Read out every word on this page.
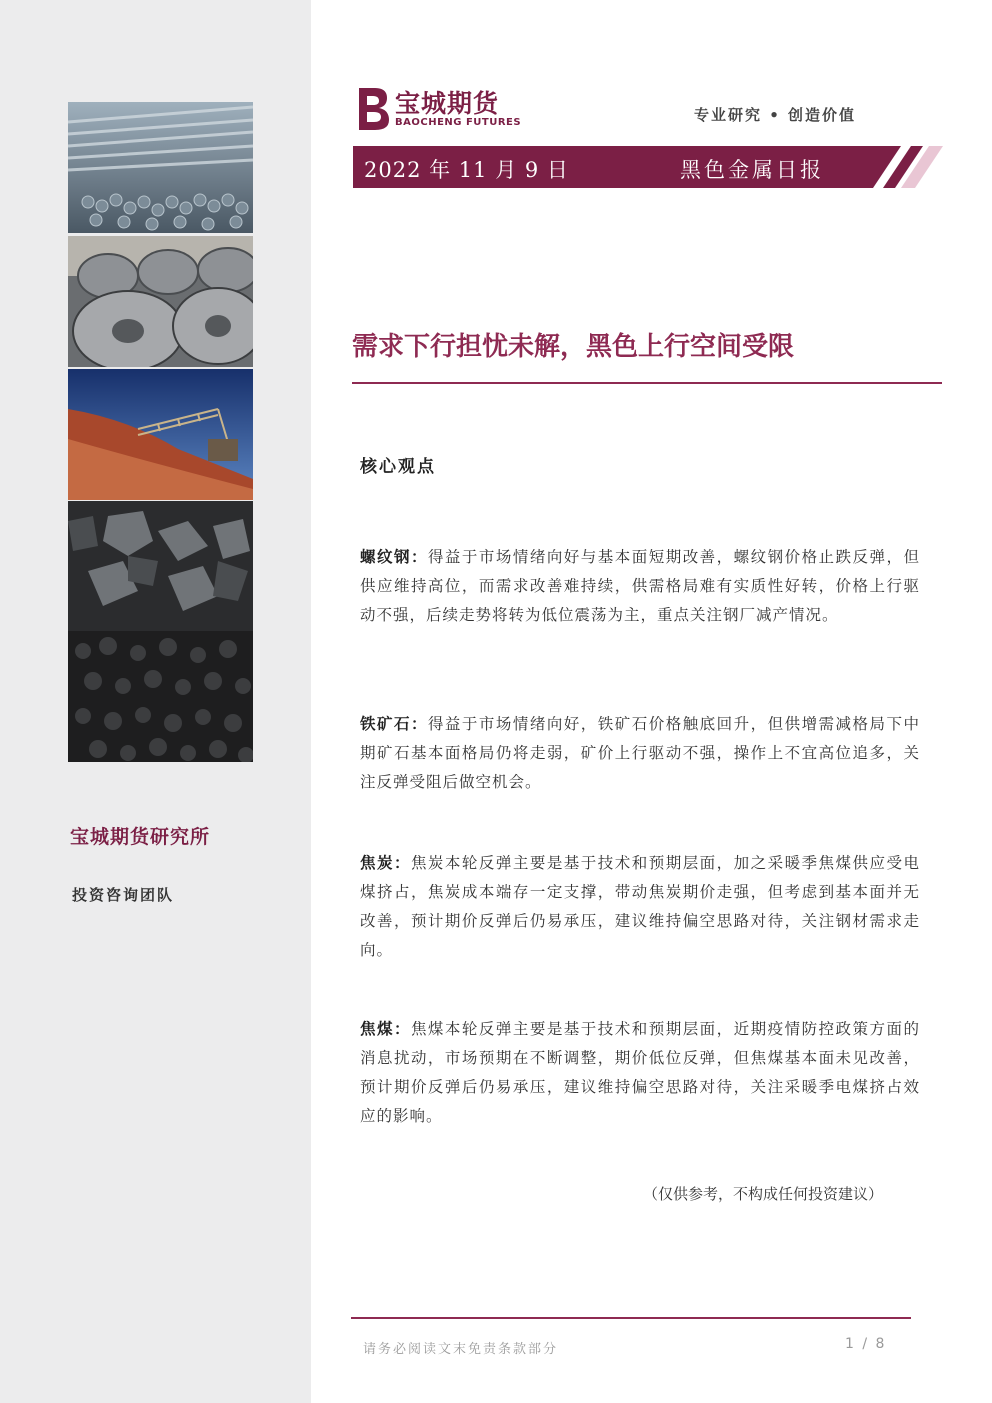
宝城期货研究所
投资咨询团队
宝城期货
BAOCHENG FUTURES	专业研究 • 创造价值
2022 年 11 月 9 日	黑色金属日报
需求下行担忧未解，黑色上行空间受限
核心观点
螺纹钢：得益于市场情绪向好与基本面短期改善，螺纹钢价格止跌反弹，但供应维持高位，而需求改善难持续，供需格局难有实质性好转，价格上行驱动不强，后续走势将转为低位震荡为主，重点关注钢厂减产情况。
铁矿石：得益于市场情绪向好，铁矿石价格触底回升，但供增需减格局下中期矿石基本面格局仍将走弱，矿价上行驱动不强，操作上不宜高位追多，关注反弹受阻后做空机会。
焦炭：焦炭本轮反弹主要是基于技术和预期层面，加之采暖季焦煤供应受电煤挤占，焦炭成本端存一定支撑，带动焦炭期价走强，但考虑到基本面并无改善，预计期价反弹后仍易承压，建议维持偏空思路对待，关注钢材需求走向。
焦煤：焦煤本轮反弹主要是基于技术和预期层面，近期疫情防控政策方面的消息扰动，市场预期在不断调整，期价低位反弹，但焦煤基本面未见改善，预计期价反弹后仍易承压，建议维持偏空思路对待，关注采暖季电煤挤占效应的影响。
（仅供参考，不构成任何投资建议）
请务必阅读文末免责条款部分	1 / 8
